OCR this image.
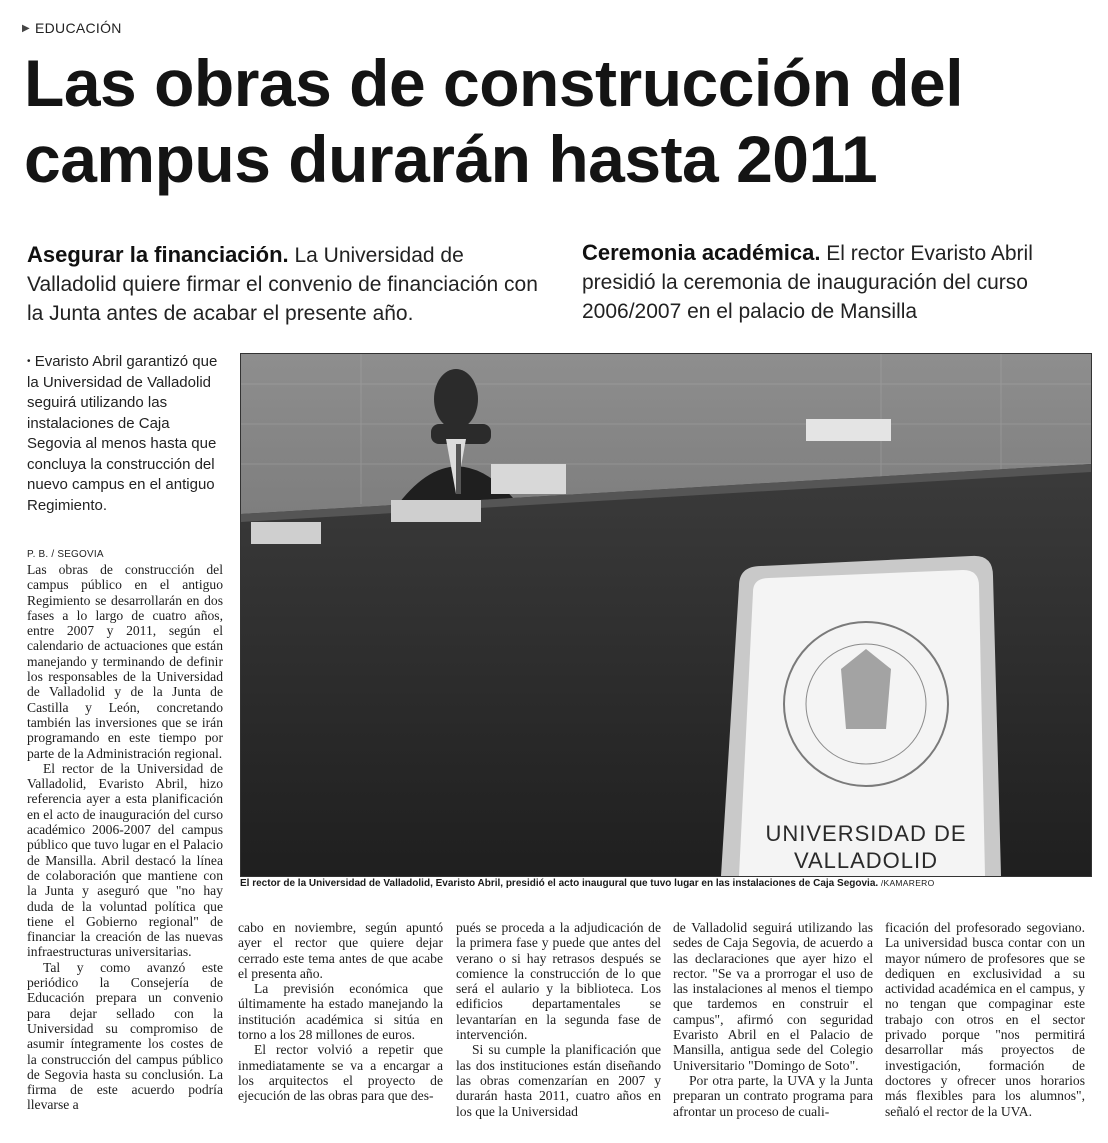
▶ EDUCACIÓN
Las obras de construcción del
campus durarán hasta 2011
Asegurar la financiación. La Universidad de Valladolid quiere firmar el convenio de financiación con la Junta antes de acabar el presente año.
Ceremonia académica. El rector Evaristo Abril presidió la ceremonia de inauguración del curso 2006/2007 en el palacio de Mansilla
• Evaristo Abril garantizó que la Universidad de Valladolid seguirá utilizando las instalaciones de Caja Segovia al menos hasta que concluya la construcción del nuevo campus en el antiguo Regimiento.
P. B. / SEGOVIA

Las obras de construcción del campus público en el antiguo Regimiento se desarrollarán en dos fases a lo largo de cuatro años, entre 2007 y 2011, según el calendario de actuaciones que están manejando y terminando de definir los responsables de la Universidad de Valladolid y de la Junta de Castilla y León, concretando también las inversiones que se irán programando en este tiempo por parte de la Administración regional.

El rector de la Universidad de Valladolid, Evaristo Abril, hizo referencia ayer a esta planificación en el acto de inauguración del curso académico 2006-2007 del campus público que tuvo lugar en el Palacio de Mansilla. Abril destacó la línea de colaboración que mantiene con la Junta y aseguró que "no hay duda de la voluntad política que tiene el Gobierno regional" de financiar la creación de las nuevas infraestructuras universitarias.

Tal y como avanzó este periódico la Consejería de Educación prepara un convenio para dejar sellado con la Universidad su compromiso de asumir íntegramente los costes de la construcción del campus público de Segovia hasta su conclusión. La firma de este acuerdo podría llevarse a

UNIVERSIDAD DE
VALLADOLID
El rector de la Universidad de Valladolid, Evaristo Abril, presidió el acto inaugural que tuvo lugar en las instalaciones de Caja Segovia. /KAMARERO

cabo en noviembre, según apuntó ayer el rector que quiere dejar cerrado este tema antes de que acabe el presenta año.

La previsión económica que últimamente ha estado manejando la institución académica si sitúa en torno a los 28 millones de euros.

El rector volvió a repetir que inmediatamente se va a encargar a los arquitectos el proyecto de ejecución de las obras para que des-

pués se proceda a la adjudicación de la primera fase y puede que antes del verano o si hay retrasos después se comience la construcción de lo que será el aulario y la biblioteca. Los edificios departamentales se levantarían en la segunda fase de intervención.

Si su cumple la planificación que las dos instituciones están diseñando las obras comenzarían en 2007 y durarán hasta 2011, cuatro años en los que la Universidad

de Valladolid seguirá utilizando las sedes de Caja Segovia, de acuerdo a las declaraciones que ayer hizo el rector. "Se va a prorrogar el uso de las instalaciones al menos el tiempo que tardemos en construir el campus", afirmó con seguridad Evaristo Abril en el Palacio de Mansilla, antigua sede del Colegio Universitario "Domingo de Soto".

Por otra parte, la UVA y la Junta preparan un contrato programa para afrontar un proceso de cuali-

ficación del profesorado segoviano. La universidad busca contar con un mayor número de profesores que se dediquen en exclusividad a su actividad académica en el campus, y no tengan que compaginar este trabajo con otros en el sector privado porque "nos permitirá desarrollar más proyectos de investigación, formación de doctores y ofrecer unos horarios más flexibles para los alumnos", señaló el rector de la UVA.
